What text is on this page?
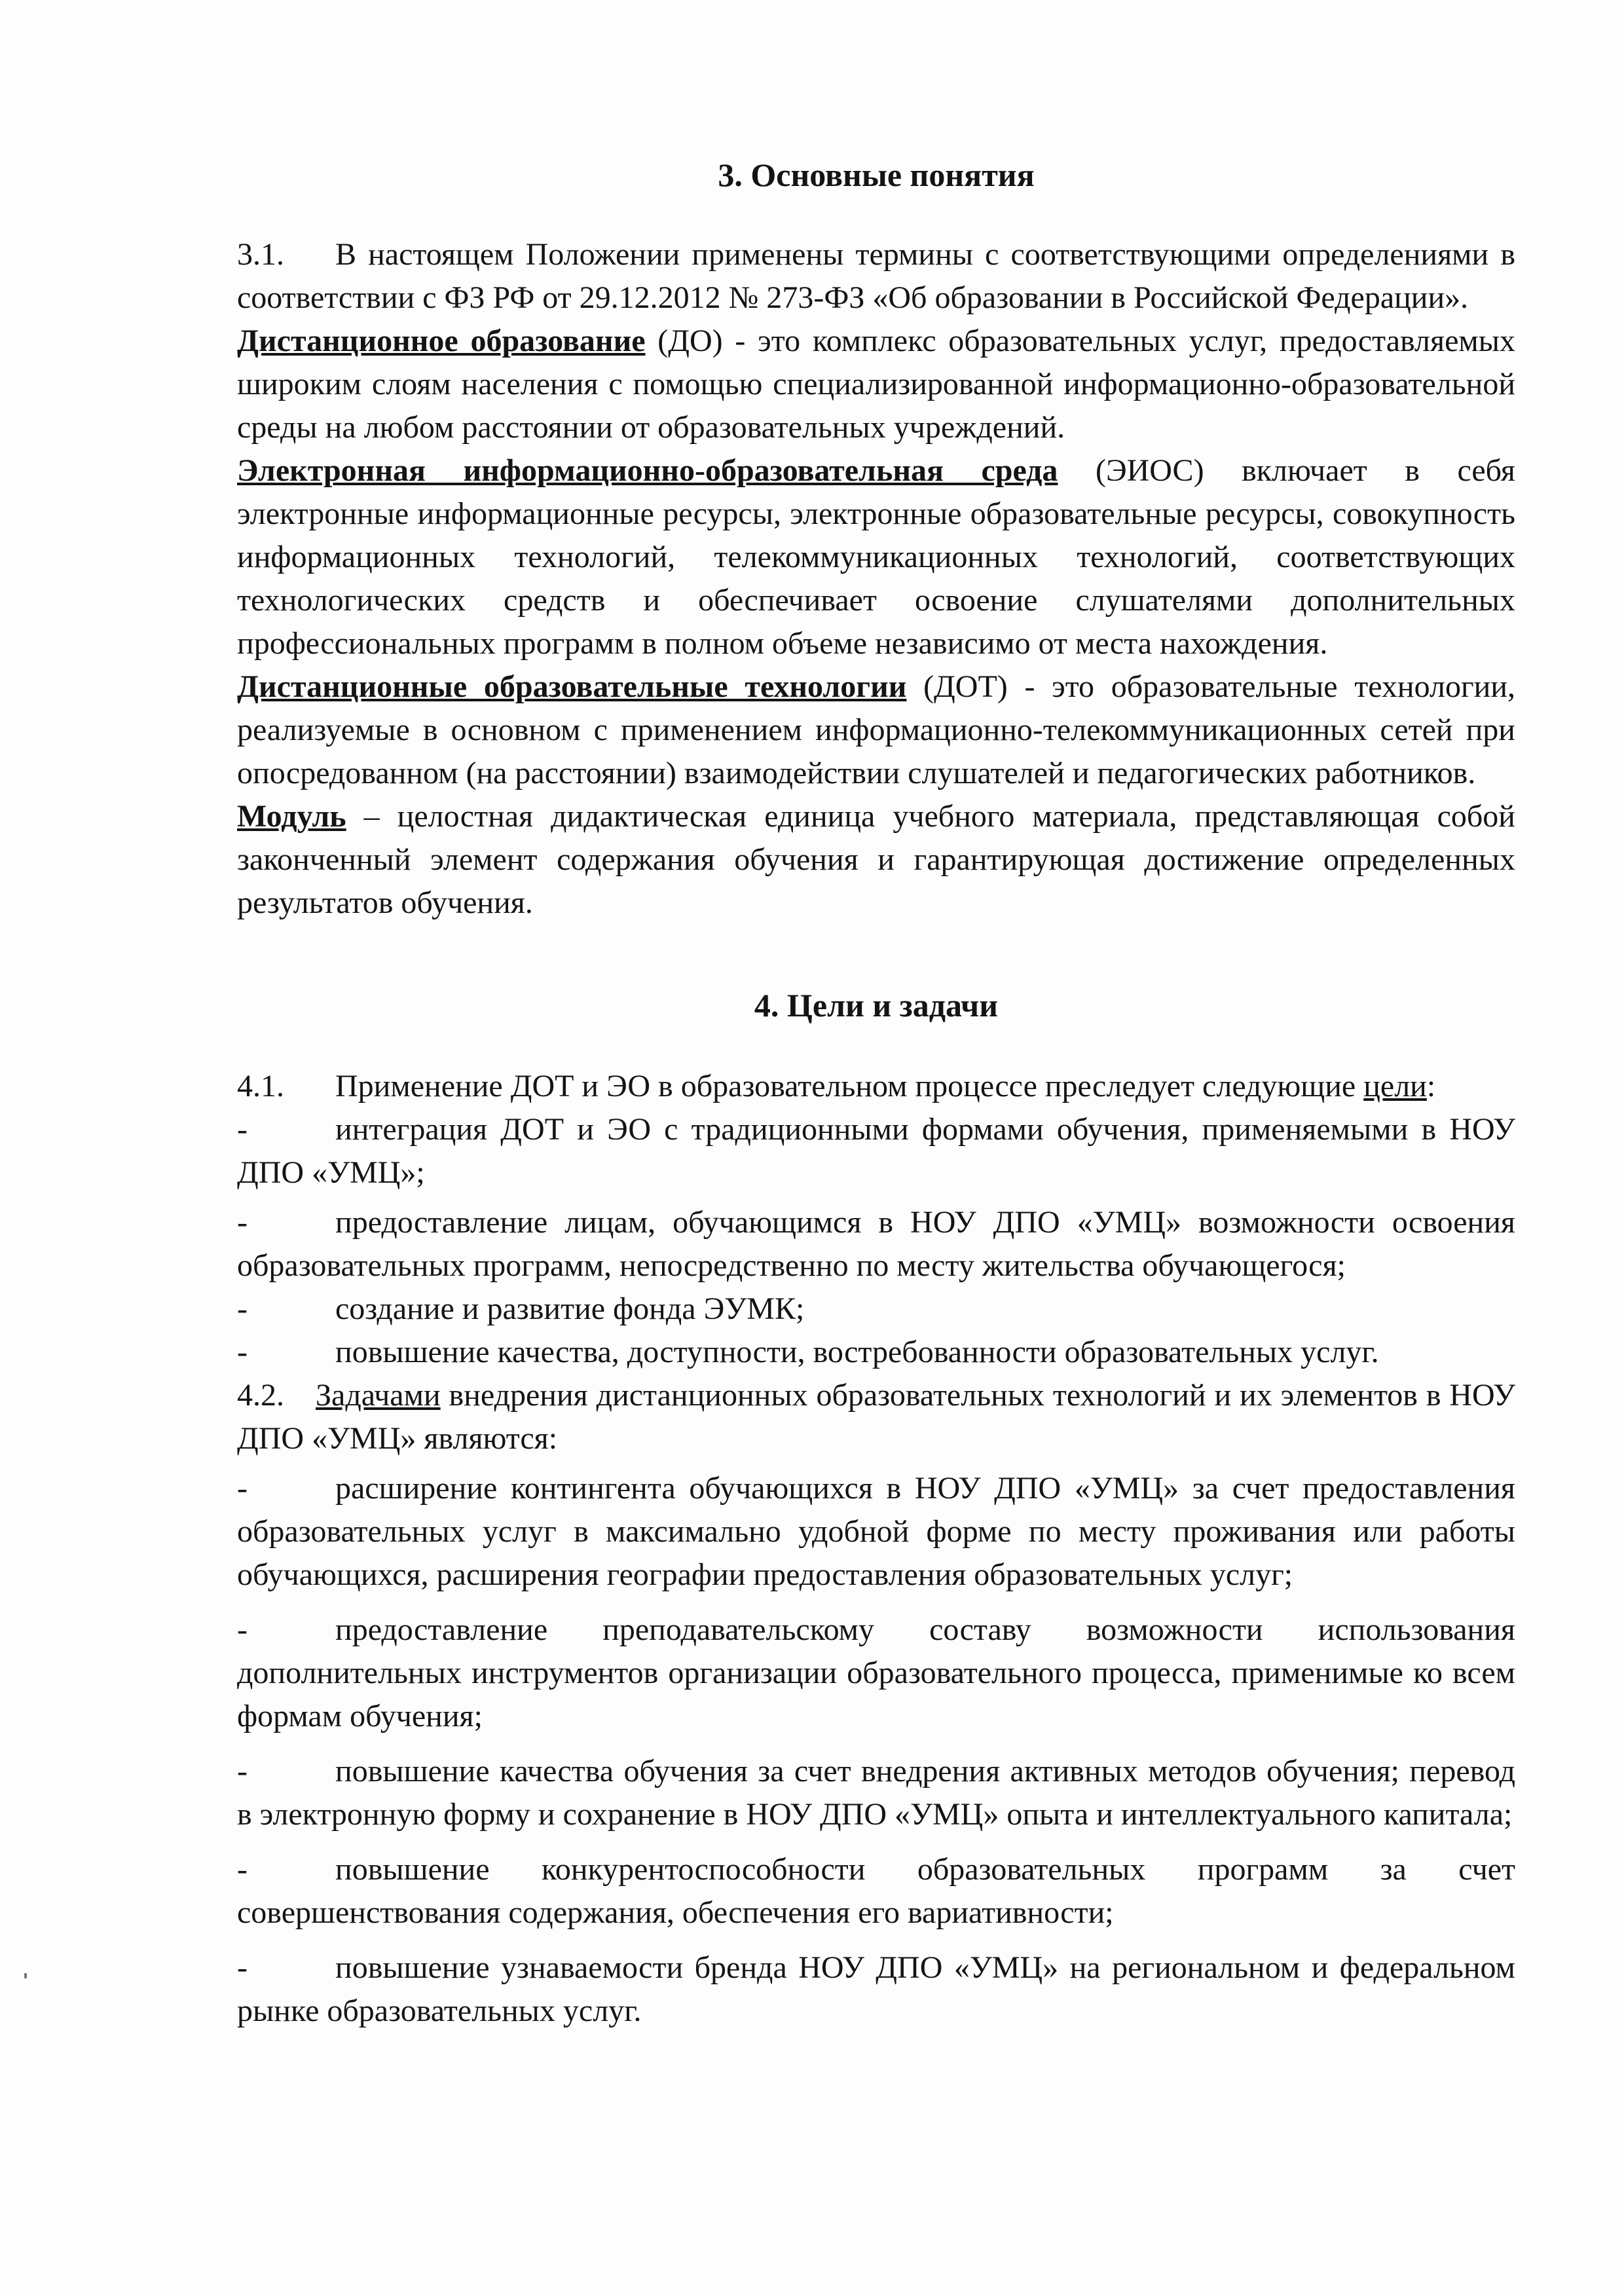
3. Основные понятия

3.1. В настоящем Положении применены термины с соответствующими определениями в соответствии с ФЗ РФ от 29.12.2012 № 273-ФЗ «Об образовании в Российской Федерации».

Дистанционное образование (ДО) - это комплекс образовательных услуг, предоставляемых широким слоям населения с помощью специализированной информационно-образовательной среды на любом расстоянии от образовательных учреждений.

Электронная информационно-образовательная среда (ЭИОС) включает в себя электронные информационные ресурсы, электронные образовательные ресурсы, совокупность информационных технологий, телекоммуникационных технологий, соответствующих технологических средств и обеспечивает освоение слушателями дополнительных профессиональных программ в полном объеме независимо от места нахождения.

Дистанционные образовательные технологии (ДОТ) - это образовательные технологии, реализуемые в основном с применением информационно-телекоммуникационных сетей при опосредованном (на расстоянии) взаимодействии слушателей и педагогических работников.

Модуль – целостная дидактическая единица учебного материала, представляющая собой законченный элемент содержания обучения и гарантирующая достижение определенных результатов обучения.

4. Цели и задачи

4.1. Применение ДОТ и ЭО в образовательном процессе преследует следующие цели:

-	интеграция ДОТ и ЭО с традиционными формами обучения, применяемыми в НОУ ДПО «УМЦ»;

-	предоставление лицам, обучающимся в НОУ ДПО «УМЦ» возможности освоения образовательных программ, непосредственно по месту жительства обучающегося;

-	создание и развитие фонда ЭУМК;

-	повышение качества, доступности, востребованности образовательных услуг.

4.2. Задачами внедрения дистанционных образовательных технологий и их элементов в НОУ ДПО «УМЦ» являются:

-	расширение контингента обучающихся в НОУ ДПО «УМЦ» за счет предоставления образовательных услуг в максимально удобной форме по месту проживания или работы обучающихся, расширения географии предоставления образовательных услуг;

-	предоставление преподавательскому составу возможности использования дополнительных инструментов организации образовательного процесса, применимые ко всем формам обучения;

-	повышение качества обучения за счет внедрения активных методов обучения; перевод в электронную форму и сохранение в НОУ ДПО «УМЦ» опыта и интеллектуального капитала;

-	повышение конкурентоспособности образовательных программ за счет совершенствования содержания, обеспечения его вариативности;

-	повышение узнаваемости бренда НОУ ДПО «УМЦ» на региональном и федеральном рынке образовательных услуг.
